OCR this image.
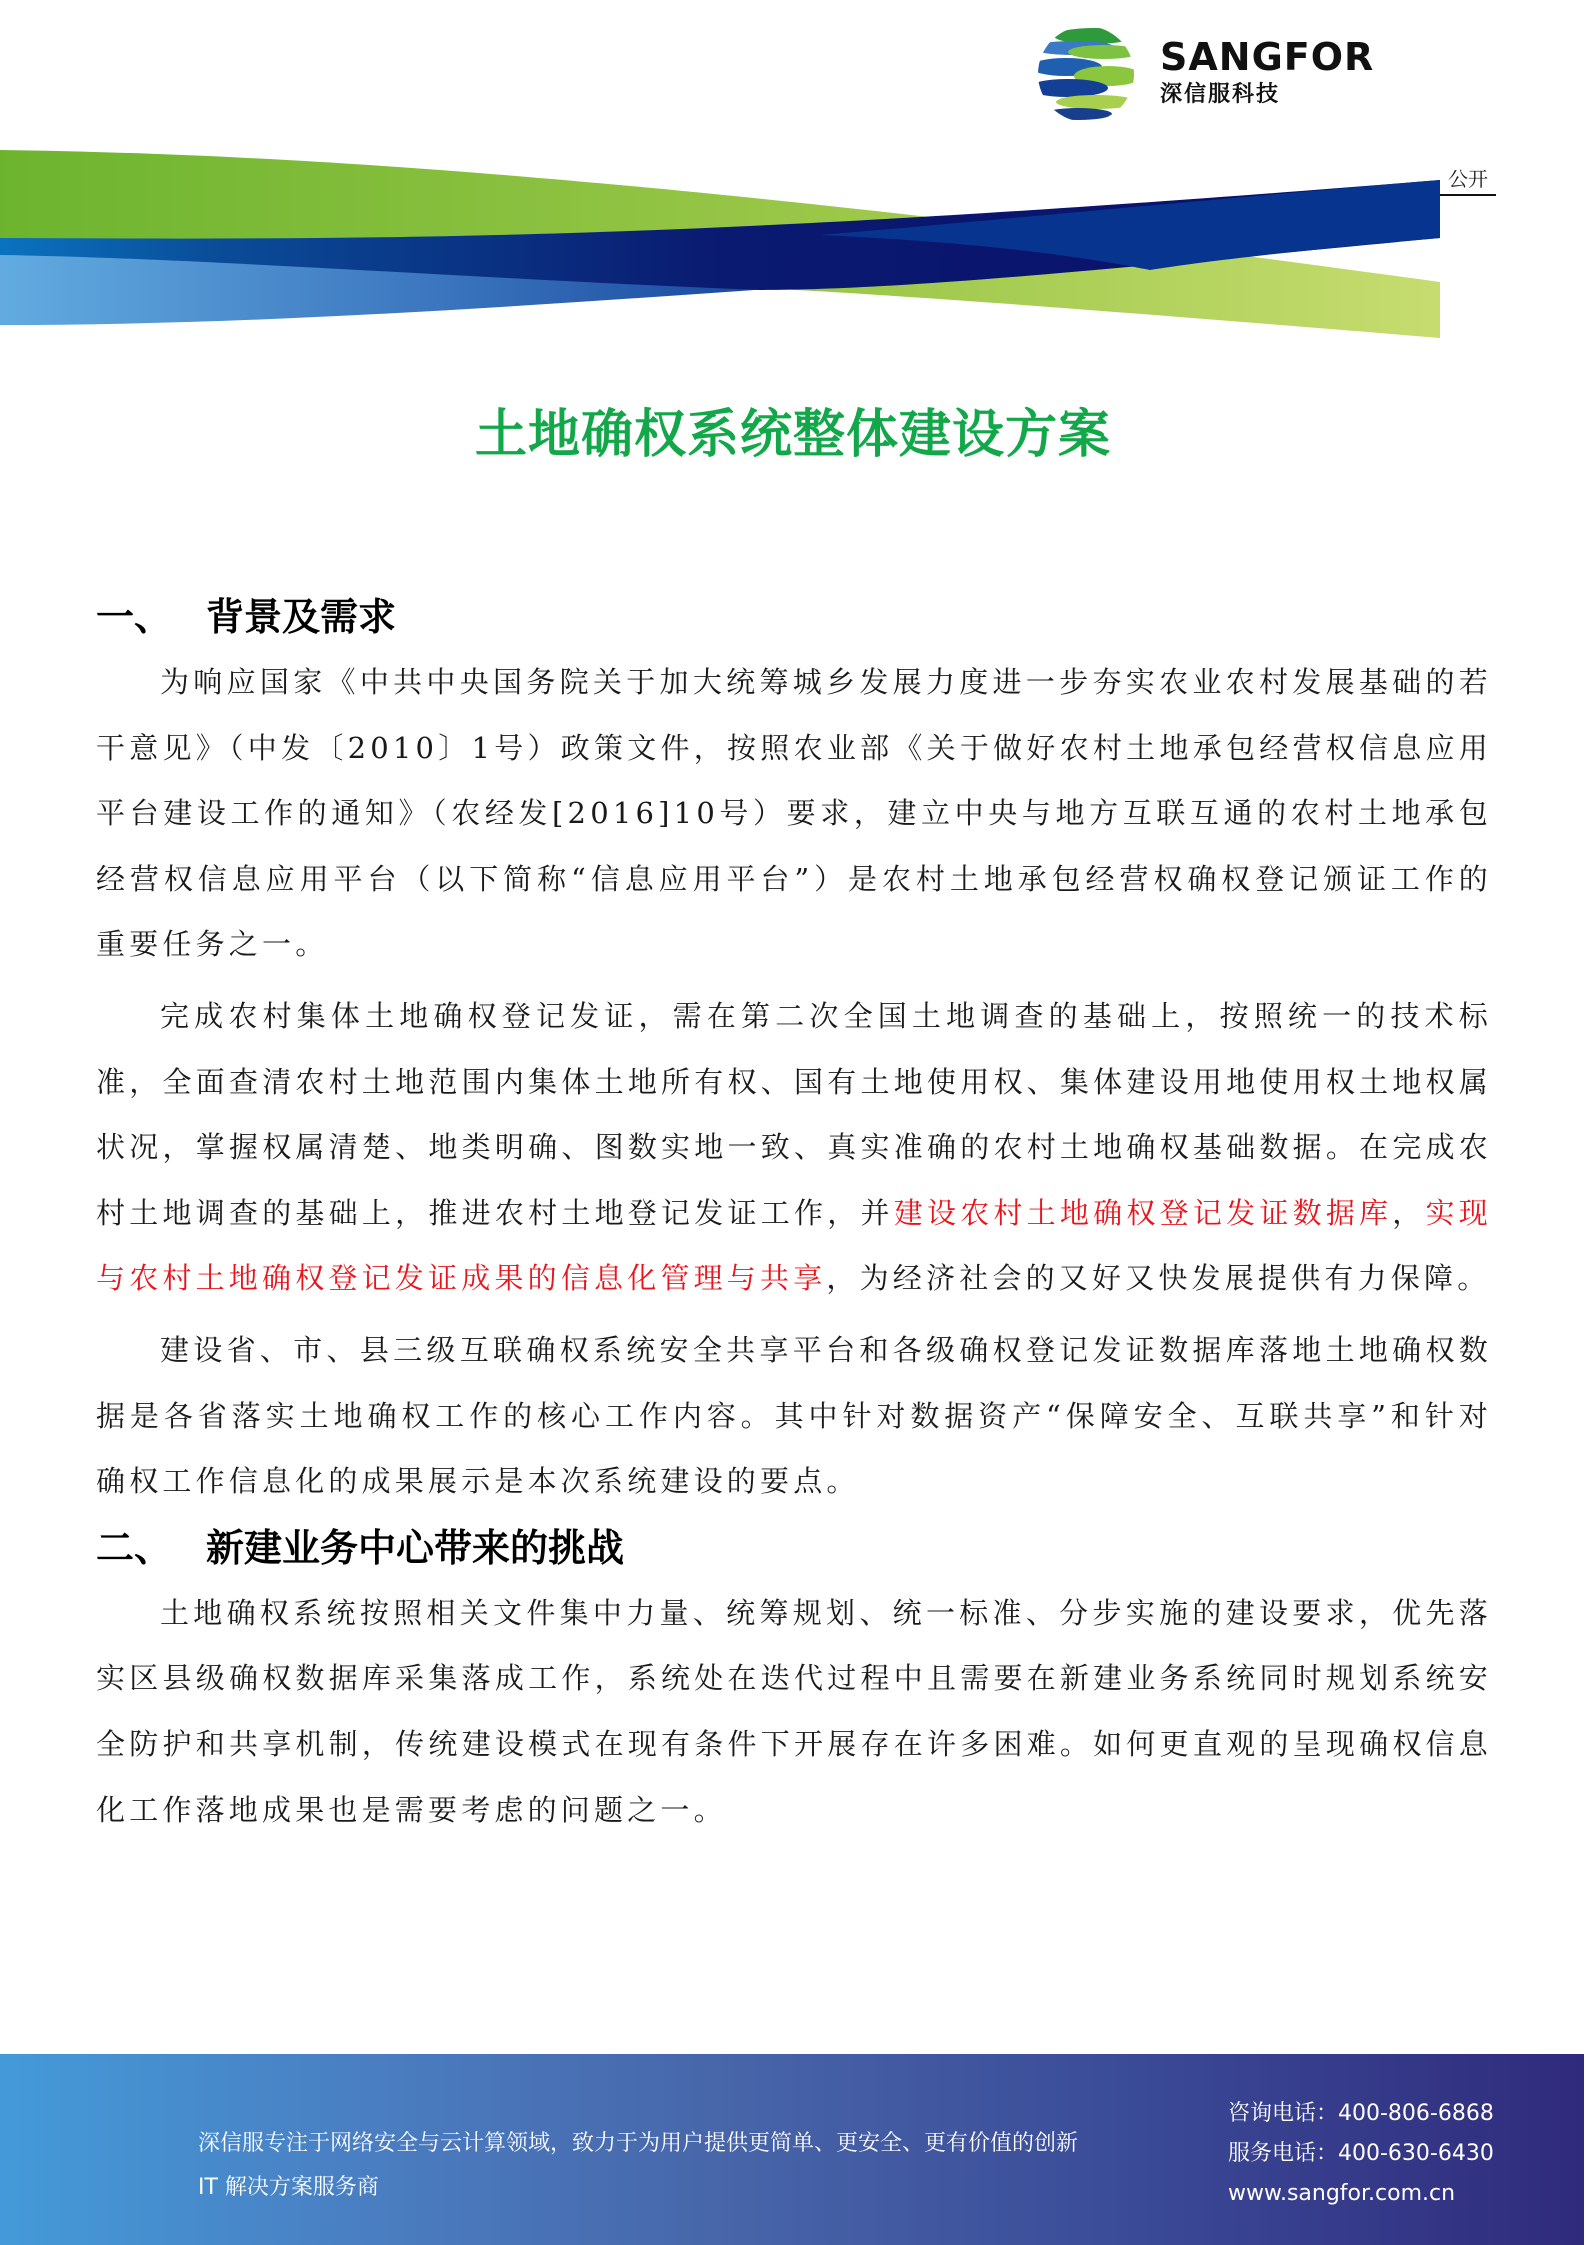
SANGFOR
深信服科技
公开
土地确权系统整体建设方案
一、 背景及需求

为响应国家《中共中央国务院关于加大统筹城乡发展力度进一步夯实农业农村发展基础的若干意见》（中发〔2010〕1号）政策文件，按照农业部《关于做好农村土地承包经营权信息应用平台建设工作的通知》（农经发[2016]10号）要求，建立中央与地方互联互通的农村土地承包经营权信息应用平台（以下简称“信息应用平台”）是农村土地承包经营权确权登记颁证工作的重要任务之一。

完成农村集体土地确权登记发证，需在第二次全国土地调查的基础上，按照统一的技术标准，全面查清农村土地范围内集体土地所有权、国有土地使用权、集体建设用地使用权土地权属状况，掌握权属清楚、地类明确、图数实地一致、真实准确的农村土地确权基础数据。在完成农村土地调查的基础上，推进农村土地登记发证工作，并建设农村土地确权登记发证数据库，实现与农村土地确权登记发证成果的信息化管理与共享，为经济社会的又好又快发展提供有力保障。

建设省、市、县三级互联确权系统安全共享平台和各级确权登记发证数据库落地土地确权数据是各省落实土地确权工作的核心工作内容。其中针对数据资产“保障安全、互联共享”和针对确权工作信息化的成果展示是本次系统建设的要点。

二、 新建业务中心带来的挑战

土地确权系统按照相关文件集中力量、统筹规划、统一标准、分步实施的建设要求，优先落实区县级确权数据库采集落成工作，系统处在迭代过程中且需要在新建业务系统同时规划系统安全防护和共享机制，传统建设模式在现有条件下开展存在许多困难。如何更直观的呈现确权信息化工作落地成果也是需要考虑的问题之一。

深信服专注于网络安全与云计算领域，致力于为用户提供更简单、更安全、更有价值的创新
IT 解决方案服务商
咨询电话：400-806-6868
服务电话：400-630-6430
www.sangfor.com.cn
